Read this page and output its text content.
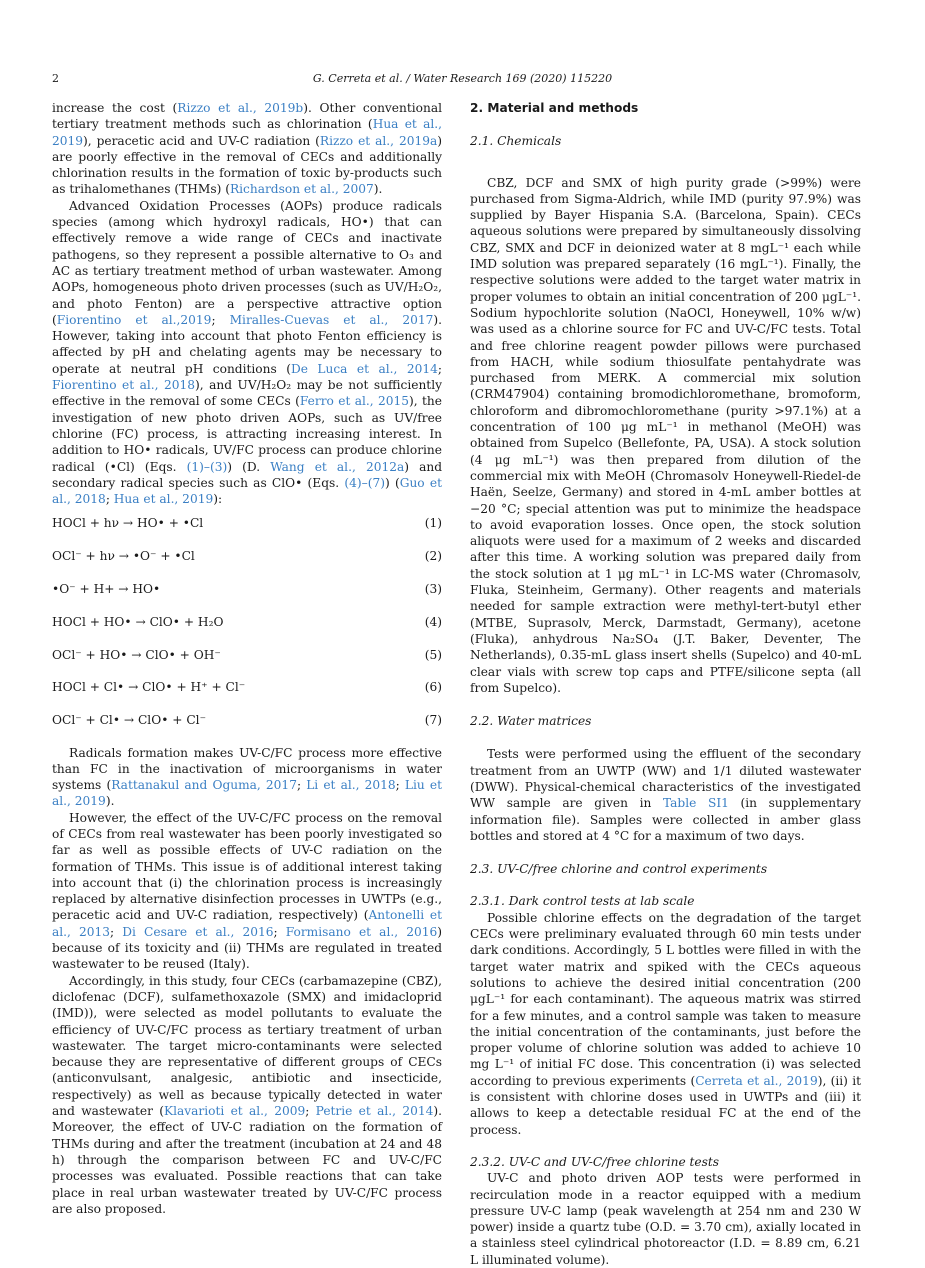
2	G. Cerreta et al. / Water Research 169 (2020) 115220

increase the cost (Rizzo et al., 2019b). Other conventional tertiary treatment methods such as chlorination (Hua et al., 2019), peracetic acid and UV-C radiation (Rizzo et al., 2019a) are poorly effective in the removal of CECs and additionally chlorination results in the formation of toxic by-products such as trihalomethanes (THMs) (Richardson et al., 2007).

Advanced Oxidation Processes (AOPs) produce radicals species (among which hydroxyl radicals, HO•) that can effectively remove a wide range of CECs and inactivate pathogens, so they represent a possible alternative to O₃ and AC as tertiary treatment method of urban wastewater. Among AOPs, homogeneous photo driven processes (such as UV/H₂O₂, and photo Fenton) are a perspective attractive option (Fiorentino et al.,2019; Miralles-Cuevas et al., 2017). However, taking into account that photo Fenton efficiency is affected by pH and chelating agents may be necessary to operate at neutral pH conditions (De Luca et al., 2014; Fiorentino et al., 2018), and UV/H₂O₂ may be not sufficiently effective in the removal of some CECs (Ferro et al., 2015), the investigation of new photo driven AOPs, such as UV/free chlorine (FC) process, is attracting increasing interest. In addition to HO• radicals, UV/FC process can produce chlorine radical (•Cl) (Eqs. (1)–(3)) (D. Wang et al., 2012a) and secondary radical species such as ClO• (Eqs. (4)–(7)) (Guo et al., 2018; Hua et al., 2019):

HOCl + hν → HO• + •Cl	(1)
OCl⁻ + hν → •O⁻ + •Cl	(2)
•O⁻ + H+ → HO•	(3)
HOCl + HO• → ClO• + H₂O	(4)
OCl⁻ + HO• → ClO• + OH⁻	(5)
HOCl + Cl• → ClO• + H⁺ + Cl⁻	(6)
OCl⁻ + Cl• → ClO• + Cl⁻	(7)

Radicals formation makes UV-C/FC process more effective than FC in the inactivation of microorganisms in water systems (Rattanakul and Oguma, 2017; Li et al., 2018; Liu et al., 2019).

However, the effect of the UV-C/FC process on the removal of CECs from real wastewater has been poorly investigated so far as well as possible effects of UV-C radiation on the formation of THMs. This issue is of additional interest taking into account that (i) the chlorination process is increasingly replaced by alternative disinfection processes in UWTPs (e.g., peracetic acid and UV-C radiation, respectively) (Antonelli et al., 2013; Di Cesare et al., 2016; Formisano et al., 2016) because of its toxicity and (ii) THMs are regulated in treated wastewater to be reused (Italy).

Accordingly, in this study, four CECs (carbamazepine (CBZ), diclofenac (DCF), sulfamethoxazole (SMX) and imidacloprid (IMD)), were selected as model pollutants to evaluate the efficiency of UV-C/FC process as tertiary treatment of urban wastewater. The target micro-contaminants were selected because they are representative of different groups of CECs (anticonvulsant, analgesic, antibiotic and insecticide, respectively) as well as because typically detected in water and wastewater (Klavarioti et al., 2009; Petrie et al., 2014). Moreover, the effect of UV-C radiation on the formation of THMs during and after the treatment (incubation at 24 and 48 h) through the comparison between FC and UV-C/FC processes was evaluated. Possible reactions that can take place in real urban wastewater treated by UV-C/FC process are also proposed.

2. Material and methods
2.1. Chemicals

CBZ, DCF and SMX of high purity grade (>99%) were purchased from Sigma-Aldrich, while IMD (purity 97.9%) was supplied by Bayer Hispania S.A. (Barcelona, Spain). CECs aqueous solutions were prepared by simultaneously dissolving CBZ, SMX and DCF in deionized water at 8 mgL⁻¹ each while IMD solution was prepared separately (16 mgL⁻¹). Finally, the respective solutions were added to the target water matrix in proper volumes to obtain an initial concentration of 200 μgL⁻¹. Sodium hypochlorite solution (NaOCl, Honeywell, 10% w/w) was used as a chlorine source for FC and UV-C/FC tests. Total and free chlorine reagent powder pillows were purchased from HACH, while sodium thiosulfate pentahydrate was purchased from MERK. A commercial mix solution (CRM47904) containing bromodichloromethane, bromoform, chloroform and dibromochloromethane (purity >97.1%) at a concentration of 100 μg mL⁻¹ in methanol (MeOH) was obtained from Supelco (Bellefonte, PA, USA). A stock solution (4 μg mL⁻¹) was then prepared from dilution of the commercial mix with MeOH (Chromasolv Honeywell-Riedel-de Haën, Seelze, Germany) and stored in 4-mL amber bottles at −20 °C; special attention was put to minimize the headspace to avoid evaporation losses. Once open, the stock solution aliquots were used for a maximum of 2 weeks and discarded after this time. A working solution was prepared daily from the stock solution at 1 μg mL⁻¹ in LC-MS water (Chromasolv, Fluka, Steinheim, Germany). Other reagents and materials needed for sample extraction were methyl-tert-butyl ether (MTBE, Suprasolv, Merck, Darmstadt, Germany), acetone (Fluka), anhydrous Na₂SO₄ (J.T. Baker, Deventer, The Netherlands), 0.35-mL glass insert shells (Supelco) and 40-mL clear vials with screw top caps and PTFE/silicone septa (all from Supelco).

2.2. Water matrices

Tests were performed using the effluent of the secondary treatment from an UWTP (WW) and 1/1 diluted wastewater (DWW). Physical-chemical characteristics of the investigated WW sample are given in Table SI1 (in supplementary information file). Samples were collected in amber glass bottles and stored at 4 °C for a maximum of two days.

2.3. UV-C/free chlorine and control experiments
2.3.1. Dark control tests at lab scale

Possible chlorine effects on the degradation of the target CECs were preliminary evaluated through 60 min tests under dark conditions. Accordingly, 5 L bottles were filled in with the target water matrix and spiked with the CECs aqueous solutions to achieve the desired initial concentration (200 μgL⁻¹ for each contaminant). The aqueous matrix was stirred for a few minutes, and a control sample was taken to measure the initial concentration of the contaminants, just before the proper volume of chlorine solution was added to achieve 10 mg L⁻¹ of initial FC dose. This concentration (i) was selected according to previous experiments (Cerreta et al., 2019), (ii) it is consistent with chlorine doses used in UWTPs and (iii) it allows to keep a detectable residual FC at the end of the process.

2.3.2. UV-C and UV-C/free chlorine tests

UV-C and photo driven AOP tests were performed in recirculation mode in a reactor equipped with a medium pressure UV-C lamp (peak wavelength at 254 nm and 230 W power) inside a quartz tube (O.D. = 3.70 cm), axially located in a stainless steel cylindrical photoreactor (I.D. = 8.89 cm, 6.21 L illuminated volume).
